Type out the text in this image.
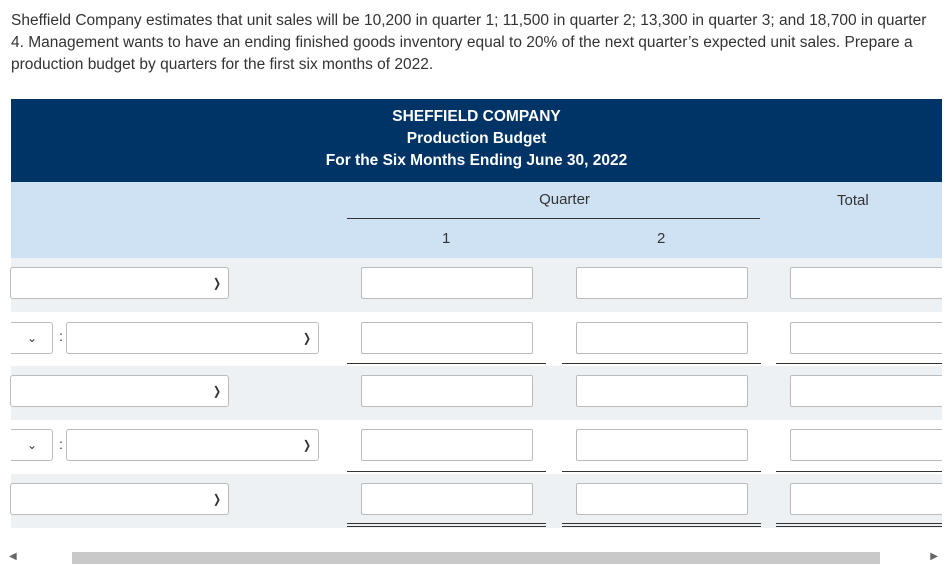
Sheffield Company estimates that unit sales will be 10,200 in quarter 1; 11,500 in quarter 2; 13,300 in quarter 3; and 18,700 in quarter 4. Management wants to have an ending finished goods inventory equal to 20% of the next quarter’s expected unit sales. Prepare a production budget by quarters for the first six months of 2022.
SHEFFIELD COMPANY
Production Budget
For the Six Months Ending June 30, 2022
Quarter	Total
1	2
❯
⌄ :	❯
❯
⌄ :	❯
❯
◀	▶
